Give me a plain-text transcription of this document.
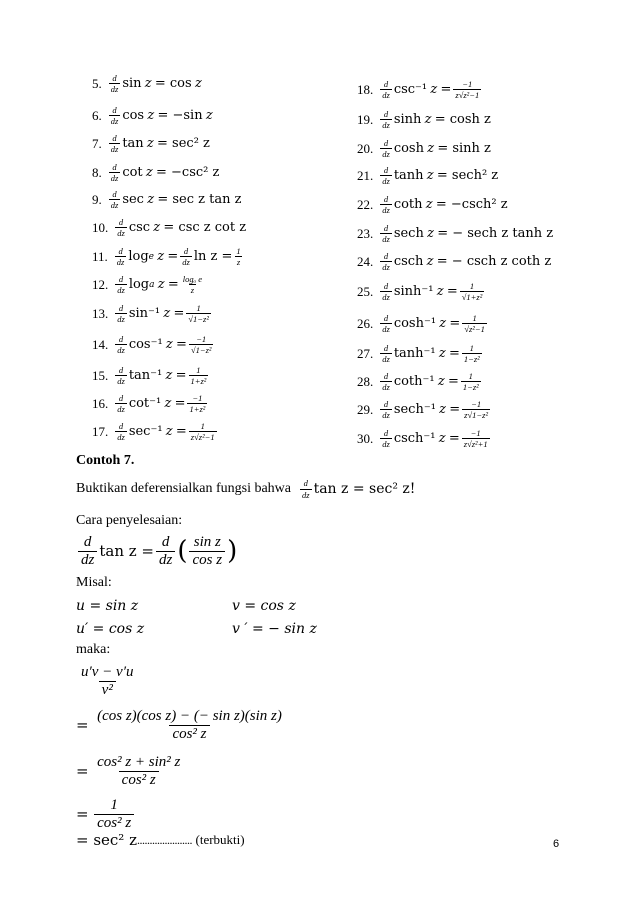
5. d
dz sin
z
= cos
z
6. d
dz cos
z
= −sin
z
7. d
dz tan
z
= sec² z
8. d
dz cot
z
= −csc² z
9. d
dz sec
z
= sec z tan z
10. d
dz csc
z
= csc z cot z
11. d
dz log e
z
= $\frac{d}{dz}$ $\ln z = \frac{1}{z}$
12. d
dz log a
z
= $\frac{\text{logₐ e}}{z}$
13. d
dz sin⁻¹
z
= $\frac{1}{\text{√1−z²}}$
14. d
dz cos⁻¹
z
= $\frac{-1}{\text{√1−z²}}$
15. d
dz tan⁻¹
z
= $\frac{1}{\text{1+z²}}$
16. d
dz cot⁻¹
z
= $\frac{-1}{\text{1+z²}}$
17. d
dz sec⁻¹
z
= $\frac{1}{\text{z√z²−1}}$
18. d
dz csc⁻¹
z
= $\frac{-1}{\text{z√z²−1}}$
19. d
dz sinh
z
= cosh z
20. d
dz cosh
z
= sinh z
21. d
dz tanh
z
= sech² z
22. d
dz coth
z
= −csch² z
23. d
dz sech
z
= − sech z tanh z
24. d
dz csch
z
= − csch z coth z
25. d
dz sinh⁻¹
z
= $\frac{1}{\text{√1+z²}}$
26. d
dz cosh⁻¹
z
= $\frac{1}{\text{√z²−1}}$
27. d
dz tanh⁻¹
z
= $\frac{1}{\text{1−z²}}$
28. d
dz coth⁻¹
z
= $\frac{1}{\text{1−z²}}$
29. d
dz sech⁻¹
z
= $\frac{-1}{\text{z√1−z²}}$
30. d
dz csch⁻¹
z
= $\frac{-1}{\text{z√z²+1}}$
Contoh 7.
Buktikan deferensialkan fungsi bahwa
d
dz tan z = sec² z!
Cara penyelesaian:
d
dz $\tan z = \frac{d}{dz}$ ( sin z
cos z )
Misal:
u = sin z	v = cos z
u′ = cos z	v ′ = − sin z
maka:
u′v − v′u
v²
=
$\frac{\text{(cos z)(cos z) − (− sin z)(sin z)}}{\text{cos² z}}$
=
$\frac{\text{cos² z + sin² z}}{\text{cos² z}}$
=
$\frac{1}{\text{cos² z}}$
= sec² z ......................
(terbukti)	6
